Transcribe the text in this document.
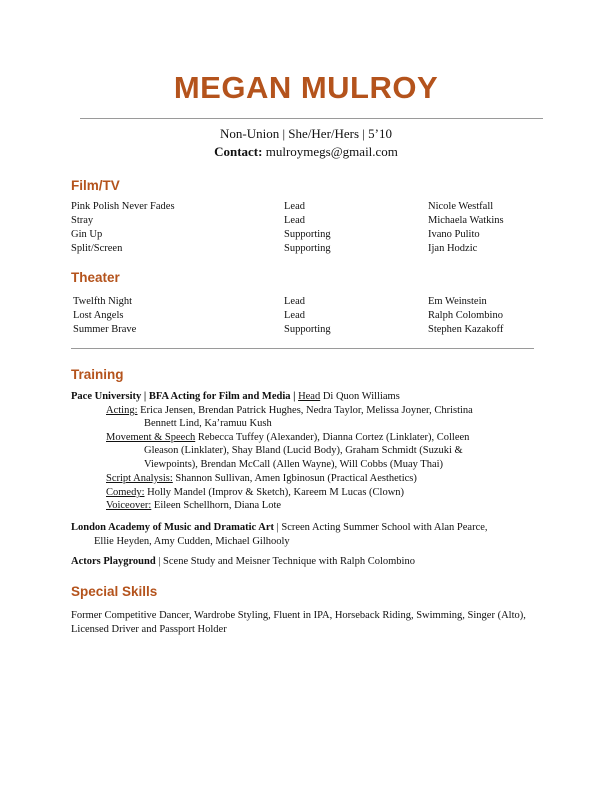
MEGAN MULROY
Non-Union | She/Her/Hers | 5’10
Contact: mulroymegs@gmail.com
Film/TV
Pink Polish Never Fades	Lead	Nicole Westfall
Stray	Lead	Michaela Watkins
Gin Up	Supporting	Ivano Pulito
Split/Screen	Supporting	Ijan Hodzic
Theater
Twelfth Night	Lead	Em Weinstein
Lost Angels	Lead	Ralph Colombino
Summer Brave	Supporting	Stephen Kazakoff
Training
Pace University | BFA Acting for Film and Media | Head Di Quon Williams
Acting: Erica Jensen, Brendan Patrick Hughes, Nedra Taylor, Melissa Joyner, Christina
Bennett Lind, Ka’ramuu Kush
Movement & Speech Rebecca Tuffey (Alexander), Dianna Cortez (Linklater), Colleen
Gleason (Linklater), Shay Bland (Lucid Body), Graham Schmidt (Suzuki &
Viewpoints), Brendan McCall (Allen Wayne), Will Cobbs (Muay Thai)
Script Analysis: Shannon Sullivan, Amen Igbinosun (Practical Aesthetics)
Comedy: Holly Mandel (Improv & Sketch), Kareem M Lucas (Clown)
Voiceover: Eileen Schellhorn, Diana Lote
London Academy of Music and Dramatic Art | Screen Acting Summer School with Alan Pearce,
Ellie Heyden, Amy Cudden, Michael Gilhooly
Actors Playground | Scene Study and Meisner Technique with Ralph Colombino
Special Skills
Former Competitive Dancer, Wardrobe Styling, Fluent in IPA, Horseback Riding, Swimming, Singer (Alto),
Licensed Driver and Passport Holder
